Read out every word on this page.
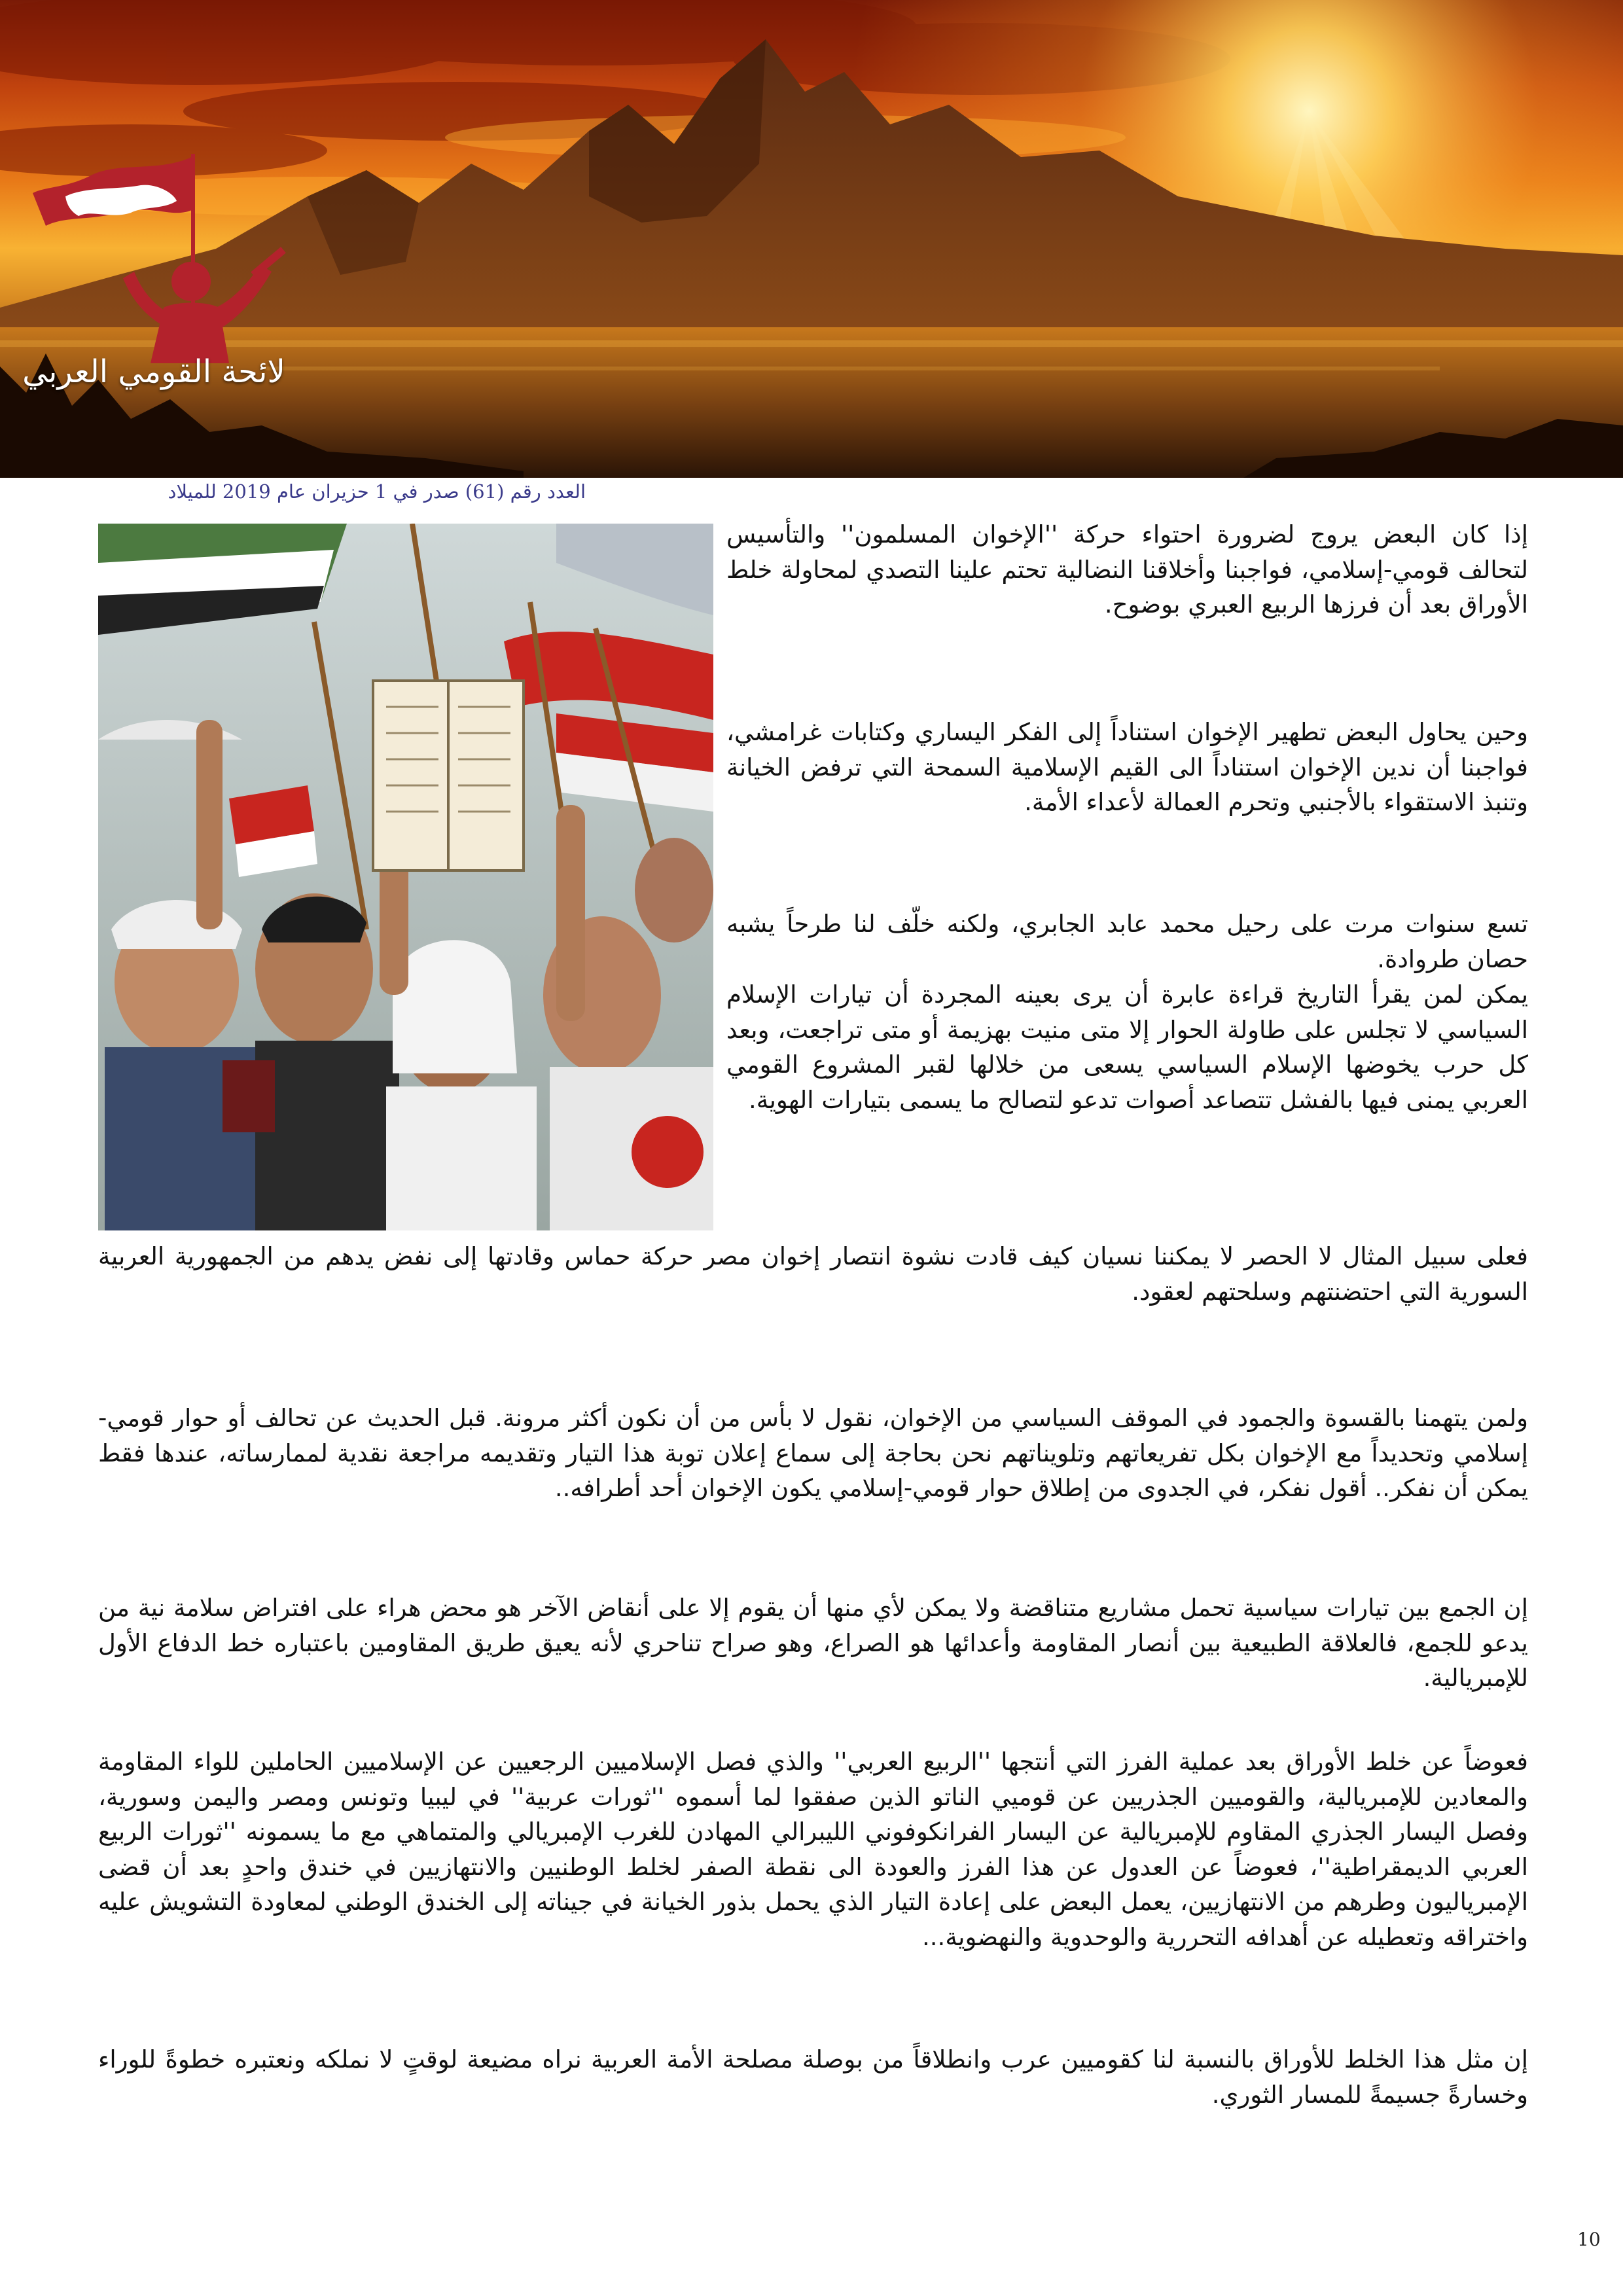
لائحة القومي العربي
العدد رقم (61) صدر في 1 حزيران عام 2019 للميلاد

إذا كان البعض يروج لضرورة احتواء حركة ''الإخوان المسلمون'' والتأسيس لتحالف قومي-إسلامي، فواجبنا وأخلاقنا النضالية تحتم علينا التصدي لمحاولة خلط الأوراق بعد أن فرزها الربيع العبري بوضوح.

وحين يحاول البعض تطهير الإخوان استناداً إلى الفكر اليساري وكتابات غرامشي، فواجبنا أن ندين الإخوان استناداً الى القيم الإسلامية السمحة التي ترفض الخيانة وتنبذ الاستقواء بالأجنبي وتحرم العمالة لأعداء الأمة.

تسع سنوات مرت على رحيل محمد عابد الجابري، ولكنه خلّف لنا طرحاً يشبه حصان طروادة.

يمكن لمن يقرأ التاريخ قراءة عابرة أن يرى بعينه المجردة أن تيارات الإسلام السياسي لا تجلس على طاولة الحوار إلا متى منيت بهزيمة أو متى تراجعت، وبعد كل حرب يخوضها الإسلام السياسي يسعى من خلالها لقبر المشروع القومي العربي يمنى فيها بالفشل تتصاعد أصوات تدعو لتصالح ما يسمى بتيارات الهوية.

فعلى سبيل المثال لا الحصر لا يمكننا نسيان كيف قادت نشوة انتصار إخوان مصر حركة حماس وقادتها إلى نفض يدهم من الجمهورية العربية السورية التي احتضنتهم وسلحتهم لعقود.

ولمن يتهمنا بالقسوة والجمود في الموقف السياسي من الإخوان، نقول لا بأس من أن نكون أكثر مرونة. قبل الحديث عن تحالف أو حوار قومي-إسلامي وتحديداً مع الإخوان بكل تفريعاتهم وتلويناتهم نحن بحاجة إلى سماع إعلان توبة هذا التيار وتقديمه مراجعة نقدية لممارساته، عندها فقط يمكن أن نفكر.. أقول نفكر، في الجدوى من إطلاق حوار قومي-إسلامي يكون الإخوان أحد أطرافه..

إن الجمع بين تيارات سياسية تحمل مشاريع متناقضة ولا يمكن لأي منها أن يقوم إلا على أنقاض الآخر هو محض هراء على افتراض سلامة نية من يدعو للجمع، فالعلاقة الطبيعية بين أنصار المقاومة وأعدائها هو الصراع، وهو صراح تناحري لأنه يعيق طريق المقاومين باعتباره خط الدفاع الأول للإمبريالية.

فعوضاً عن خلط الأوراق بعد عملية الفرز التي أنتجها ''الربيع العربي'' والذي فصل الإسلاميين الرجعيين عن الإسلاميين الحاملين للواء المقاومة والمعادين للإمبريالية، والقوميين الجذريين عن قوميي الناتو الذين صفقوا لما أسموه ''ثورات عربية'' في ليبيا وتونس ومصر واليمن وسورية، وفصل اليسار الجذري المقاوم للإمبريالية عن اليسار الفرانكوفوني الليبرالي المهادن للغرب الإمبريالي والمتماهي مع ما يسمونه ''ثورات الربيع العربي الديمقراطية''، فعوضاً عن العدول عن هذا الفرز والعودة الى نقطة الصفر لخلط الوطنيين والانتهازيين في خندق واحدٍ بعد أن قضى الإمبرياليون وطرهم من الانتهازيين، يعمل البعض على إعادة التيار الذي يحمل بذور الخيانة في جيناته إلى الخندق الوطني لمعاودة التشويش عليه واختراقه وتعطيله عن أهدافه التحررية والوحدوية والنهضوية...

إن مثل هذا الخلط للأوراق بالنسبة لنا كقوميين عرب وانطلاقاً من بوصلة مصلحة الأمة العربية نراه مضيعة لوقتٍ لا نملكه ونعتبره خطوةً للوراء وخسارةً جسيمةً للمسار الثوري.

10
